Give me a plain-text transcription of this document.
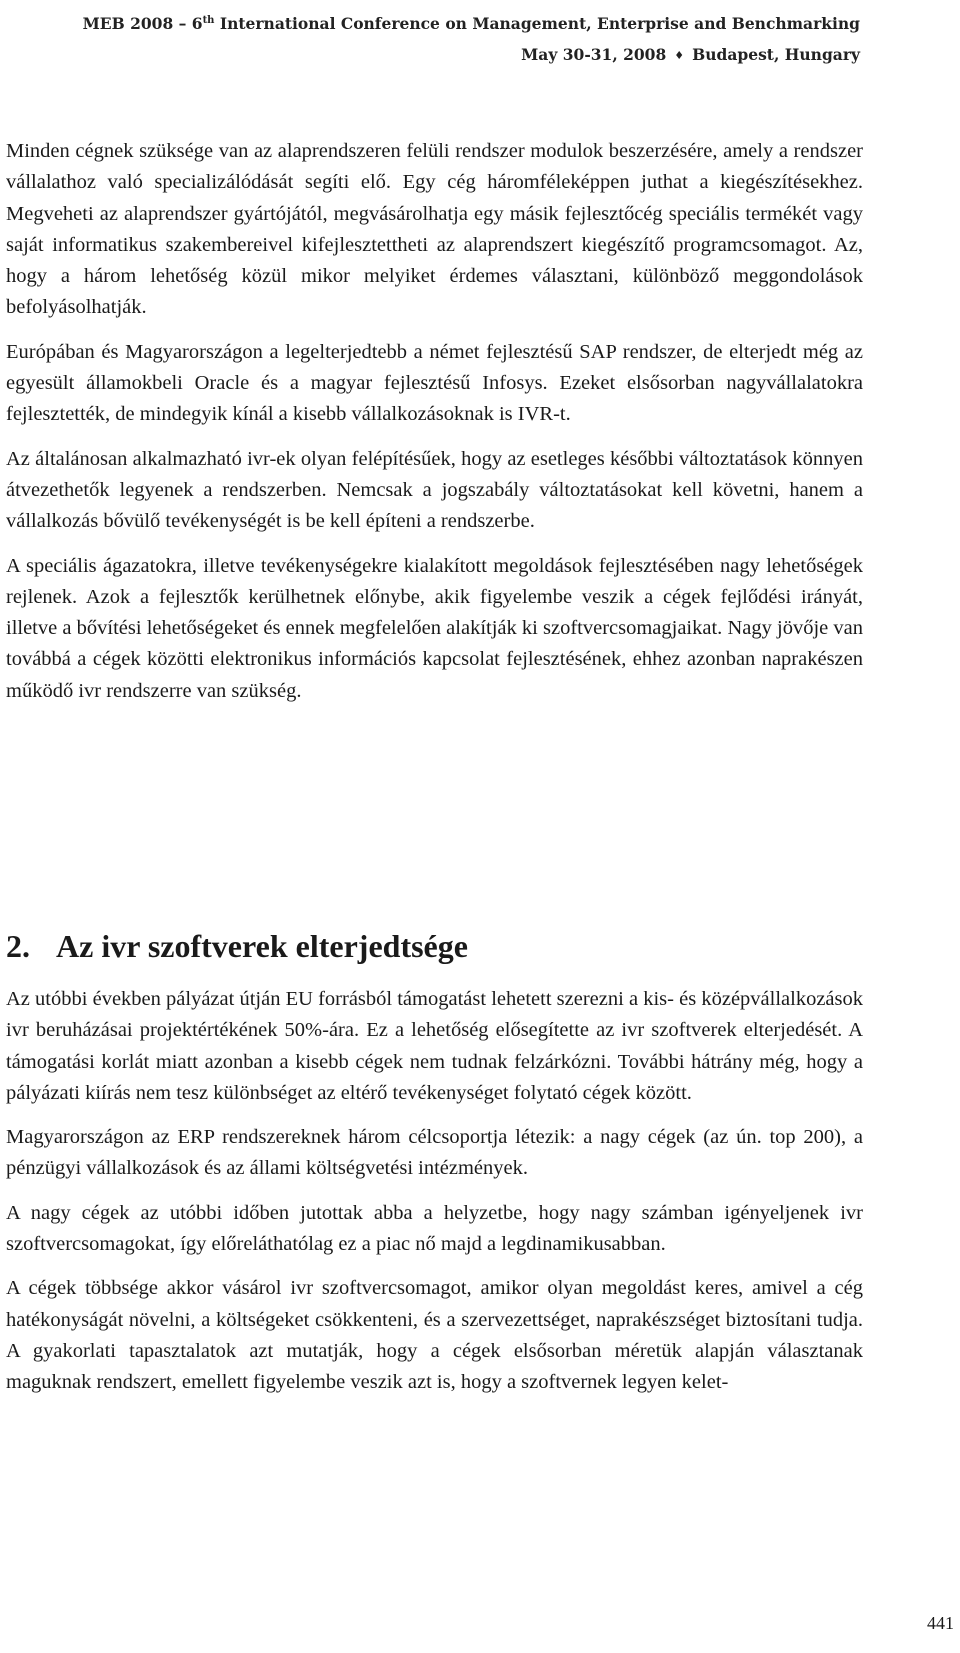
MEB 2008 – 6th International Conference on Management, Enterprise and Benchmarking
May 30-31, 2008 ♦ Budapest, Hungary

Minden cégnek szüksége van az alaprendszeren felüli rendszer modulok beszerzésére, amely a rendszer vállalathoz való specializálódását segíti elő. Egy cég háromféleképpen juthat a kiegészítésekhez. Megveheti az alaprendszer gyártójától, megvásárolhatja egy másik fejlesztőcég speciális termékét vagy saját informatikus szakembereivel kifejlesztettheti az alaprendszert kiegészítő programcsomagot. Az, hogy a három lehetőség közül mikor melyiket érdemes választani, különböző meggondolások befolyásolhatják.

Európában és Magyarországon a legelterjedtebb a német fejlesztésű SAP rendszer, de elterjedt még az egyesült államokbeli Oracle és a magyar fejlesztésű Infosys. Ezeket elsősorban nagyvállalatokra fejlesztették, de mindegyik kínál a kisebb vállalkozásoknak is IVR-t.

Az általánosan alkalmazható ivr-ek olyan felépítésűek, hogy az esetleges későbbi változtatások könnyen átvezethetők legyenek a rendszerben. Nemcsak a jogszabály változtatásokat kell követni, hanem a vállalkozás bővülő tevékenységét is be kell építeni a rendszerbe.

A speciális ágazatokra, illetve tevékenységekre kialakított megoldások fejlesztésében nagy lehetőségek rejlenek. Azok a fejlesztők kerülhetnek előnybe, akik figyelembe veszik a cégek fejlődési irányát, illetve a bővítési lehetőségeket és ennek megfelelően alakítják ki szoftvercsomagjaikat. Nagy jövője van továbbá a cégek közötti elektronikus információs kapcsolat fejlesztésének, ehhez azonban naprakészen működő ivr rendszerre van szükség.

2. Az ivr szoftverek elterjedtsége

Az utóbbi években pályázat útján EU forrásból támogatást lehetett szerezni a kis- és középvállalkozások ivr beruházásai projektértékének 50%-ára. Ez a lehetőség elősegítette az ivr szoftverek elterjedését. A támogatási korlát miatt azonban a kisebb cégek nem tudnak felzárkózni. További hátrány még, hogy a pályázati kiírás nem tesz különbséget az eltérő tevékenységet folytató cégek között.

Magyarországon az ERP rendszereknek három célcsoportja létezik: a nagy cégek (az ún. top 200), a pénzügyi vállalkozások és az állami költségvetési intézmények.

A nagy cégek az utóbbi időben jutottak abba a helyzetbe, hogy nagy számban igényeljenek ivr szoftvercsomagokat, így előreláthatólag ez a piac nő majd a legdinamikusabban.

A cégek többsége akkor vásárol ivr szoftvercsomagot, amikor olyan megoldást keres, amivel a cég hatékonyságát növelni, a költségeket csökkenteni, és a szervezettséget, naprakészséget biztosítani tudja. A gyakorlati tapasztalatok azt mutatják, hogy a cégek elsősorban méretük alapján választanak maguknak rendszert, emellett figyelembe veszik azt is, hogy a szoftvernek legyen kelet-

441
